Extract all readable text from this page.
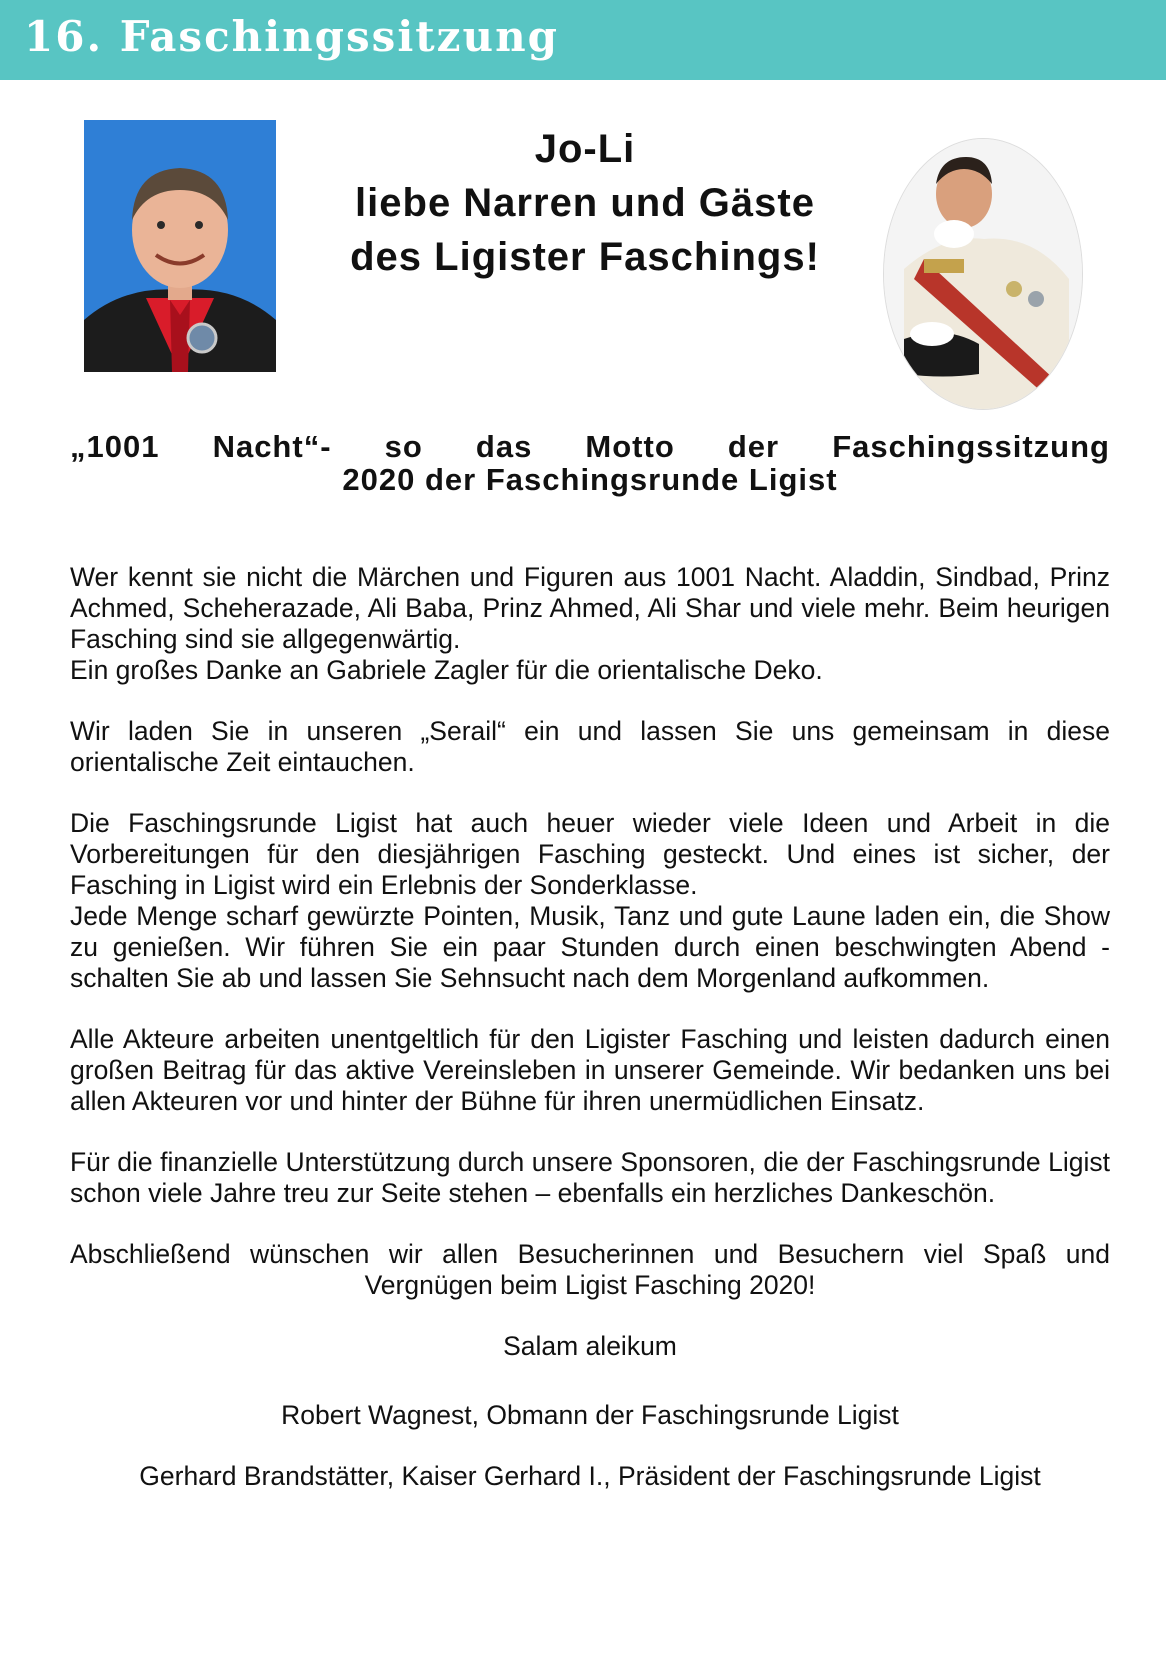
16. Faschingssitzung
Jo-Li
liebe Narren und Gäste
des Ligister Faschings!
„1001 Nacht“- so das Motto der Faschingssitzung
2020 der Faschingsrunde Ligist

Wer kennt sie nicht die Märchen und Figuren aus 1001 Nacht. Aladdin, Sindbad, Prinz Achmed, Scheherazade, Ali Baba, Prinz Ahmed, Ali Shar und viele mehr. Beim heurigen Fasching sind sie allgegenwärtig.

Ein großes Danke an Gabriele Zagler für die orientalische Deko.

Wir laden Sie in unseren „Serail“ ein und lassen Sie uns gemeinsam in diese orientalische Zeit eintauchen.

Die Faschingsrunde Ligist hat auch heuer wieder viele Ideen und Arbeit in die Vorbereitungen für den diesjährigen Fasching gesteckt. Und eines ist sicher, der Fasching in Ligist wird ein Erlebnis der Sonderklasse.

Jede Menge scharf gewürzte Pointen, Musik, Tanz und gute Laune laden ein, die Show zu genießen. Wir führen Sie ein paar Stunden durch einen beschwingten Abend - schalten Sie ab und lassen Sie Sehnsucht nach dem Morgenland aufkommen.

Alle Akteure arbeiten unentgeltlich für den Ligister Fasching und leisten dadurch einen großen Beitrag für das aktive Vereinsleben in unserer Gemeinde. Wir bedanken uns bei allen Akteuren vor und hinter der Bühne für ihren unermüdlichen Einsatz.

Für die finanzielle Unterstützung durch unsere Sponsoren, die der Faschingsrunde Ligist schon viele Jahre treu zur Seite stehen – ebenfalls ein herzliches Dankeschön.

Abschließend wünschen wir allen Besucherinnen und Besuchern viel Spaß und Vergnügen beim Ligist Fasching 2020!

Salam aleikum

Robert Wagnest, Obmann der Faschingsrunde Ligist

Gerhard Brandstätter, Kaiser Gerhard I., Präsident der Faschingsrunde Ligist
